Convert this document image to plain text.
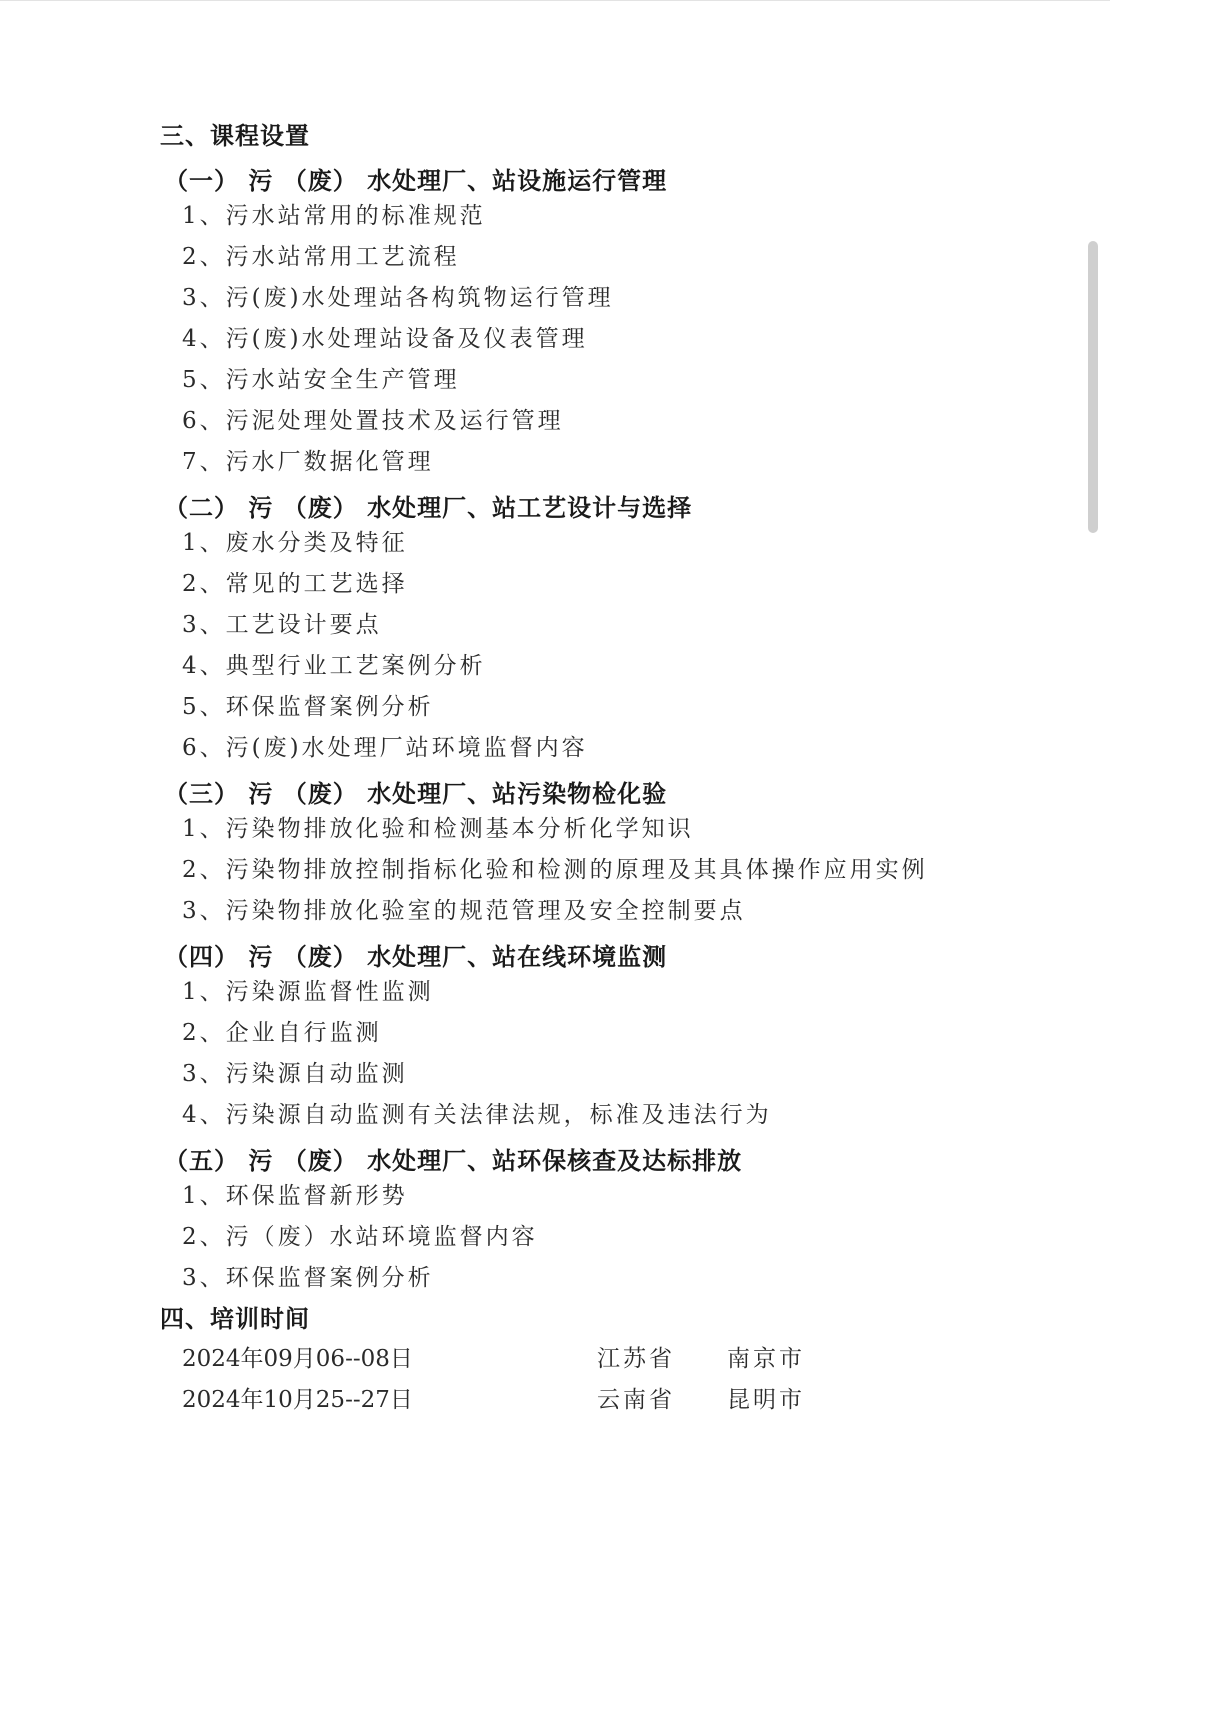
三、课程设置
（一） 污 （废） 水处理厂、站设施运行管理
1、污水站常用的标准规范
2、污水站常用工艺流程
3、污(废)水处理站各构筑物运行管理
4、污(废)水处理站设备及仪表管理
5、污水站安全生产管理
6、污泥处理处置技术及运行管理
7、污水厂数据化管理
（二） 污 （废） 水处理厂、站工艺设计与选择
1、废水分类及特征
2、常见的工艺选择
3、工艺设计要点
4、典型行业工艺案例分析
5、环保监督案例分析
6、污(废)水处理厂站环境监督内容
（三） 污 （废） 水处理厂、站污染物检化验
1、污染物排放化验和检测基本分析化学知识
2、污染物排放控制指标化验和检测的原理及其具体操作应用实例
3、污染物排放化验室的规范管理及安全控制要点
（四） 污 （废） 水处理厂、站在线环境监测
1、污染源监督性监测
2、企业自行监测
3、污染源自动监测
4、污染源自动监测有关法律法规，标准及违法行为
（五） 污 （废） 水处理厂、站环保核查及达标排放
1、环保监督新形势
2、污（废）水站环境监督内容
3、环保监督案例分析
四、培训时间
2024年09月06--08日	江苏省 南京市
2024年10月25--27日	云南省 昆明市
